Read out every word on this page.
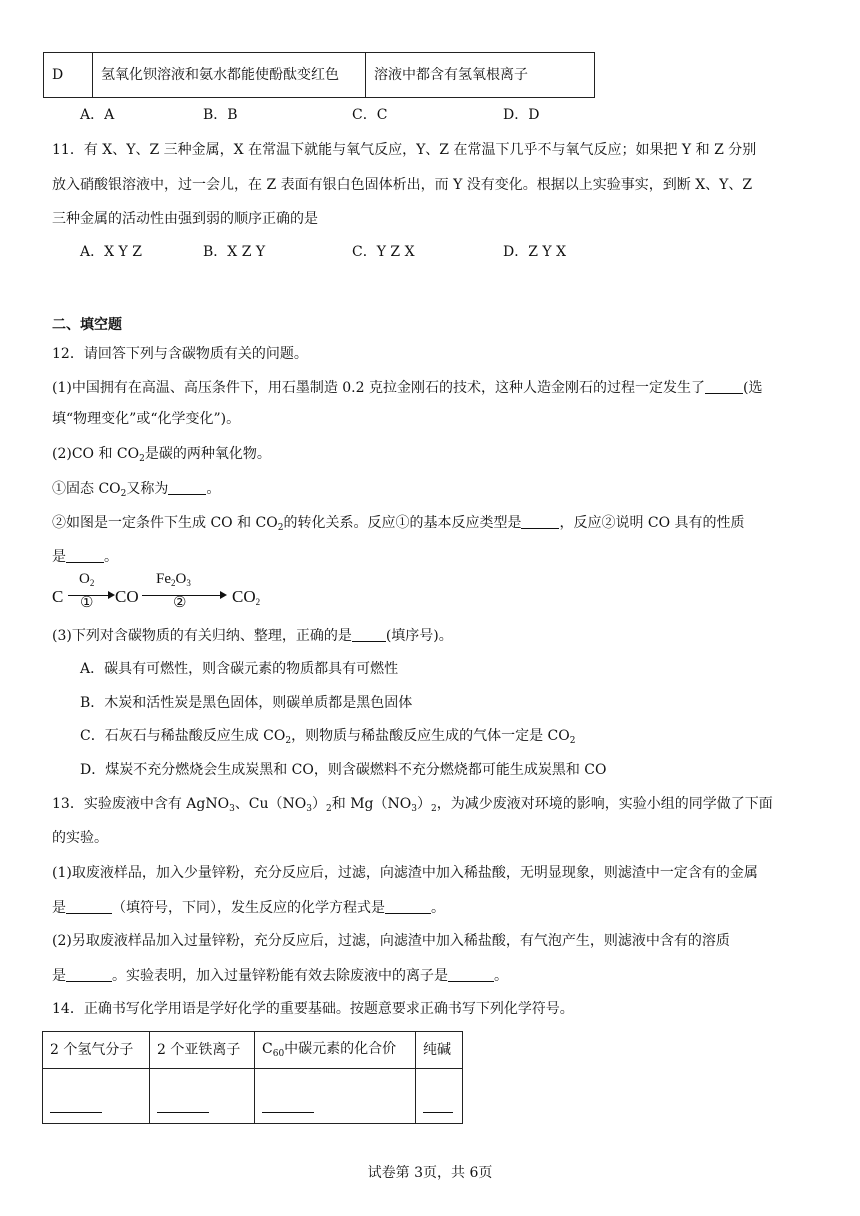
D	氢氧化钡溶液和氨水都能使酚酞变红色	溶液中都含有氢氧根离子
A．A	B．B	C．C	D．D
11．有 X、Y、Z 三种金属，X 在常温下就能与氧气反应，Y、Z 在常温下几乎不与氧气反应；如果把 Y 和 Z 分别
放入硝酸银溶液中，过一会儿，在 Z 表面有银白色固体析出，而 Y 没有变化。根据以上实验事实，到断 X、Y、Z
三种金属的活动性由强到弱的顺序正确的是
A．X Y Z	B．X Z Y	C．Y Z X	D．Z Y X
二、填空题
12．请回答下列与含碳物质有关的问题。
(1)中国拥有在高温、高压条件下，用石墨制造 0.2 克拉金刚石的技术，这种人造金刚石的过程一定发生了	(选
填“物理变化”或“化学变化”)。
(2)CO 和 $CO_2$是碳的两种氧化物。
①固态 $CO_2$又称为	。
②如图是一定条件下生成 CO 和 $CO_2$的转化关系。反应①的基本反应类型是	，反应②说明 CO 具有的性质
是	。
C
$O_2$
① CO
$Fe_2O_3$
②	$CO_2$
(3)下列对含碳物质的有关归纳、整理，正确的是 (填序号)。
A．碳具有可燃性，则含碳元素的物质都具有可燃性
B．木炭和活性炭是黑色固体，则碳单质都是黑色固体
C．石灰石与稀盐酸反应生成 $CO_2$，则物质与稀盐酸反应生成的气体一定是 $CO_2$
D．煤炭不充分燃烧会生成炭黑和 CO，则含碳燃料不充分燃烧都可能生成炭黑和 CO
13．实验废液中含有 AgNO$_3$、$Cu(NO_3)_2$和 $Mg(NO_3)_2$，为减少废液对环境的影响，实验小组的同学做了下面
的实验。
(1)取废液样品，加入少量锌粉，充分反应后，过滤，向滤渣中加入稀盐酸，无明显现象，则滤渣中一定含有的金属
是	（填符号，下同），发生反应的化学方程式是	。
(2)另取废液样品加入过量锌粉，充分反应后，过滤，向滤渣中加入稀盐酸，有气泡产生，则滤液中含有的溶质
是	。实验表明，加入过量锌粉能有效去除废液中的离子是	。
14．正确书写化学用语是学好化学的重要基础。按题意要求正确书写下列化学符号。
2 个氢气分子	2 个亚铁离子	$C_{60}$中碳元素的化合价	纯碱

试卷第 3页，共 6页
